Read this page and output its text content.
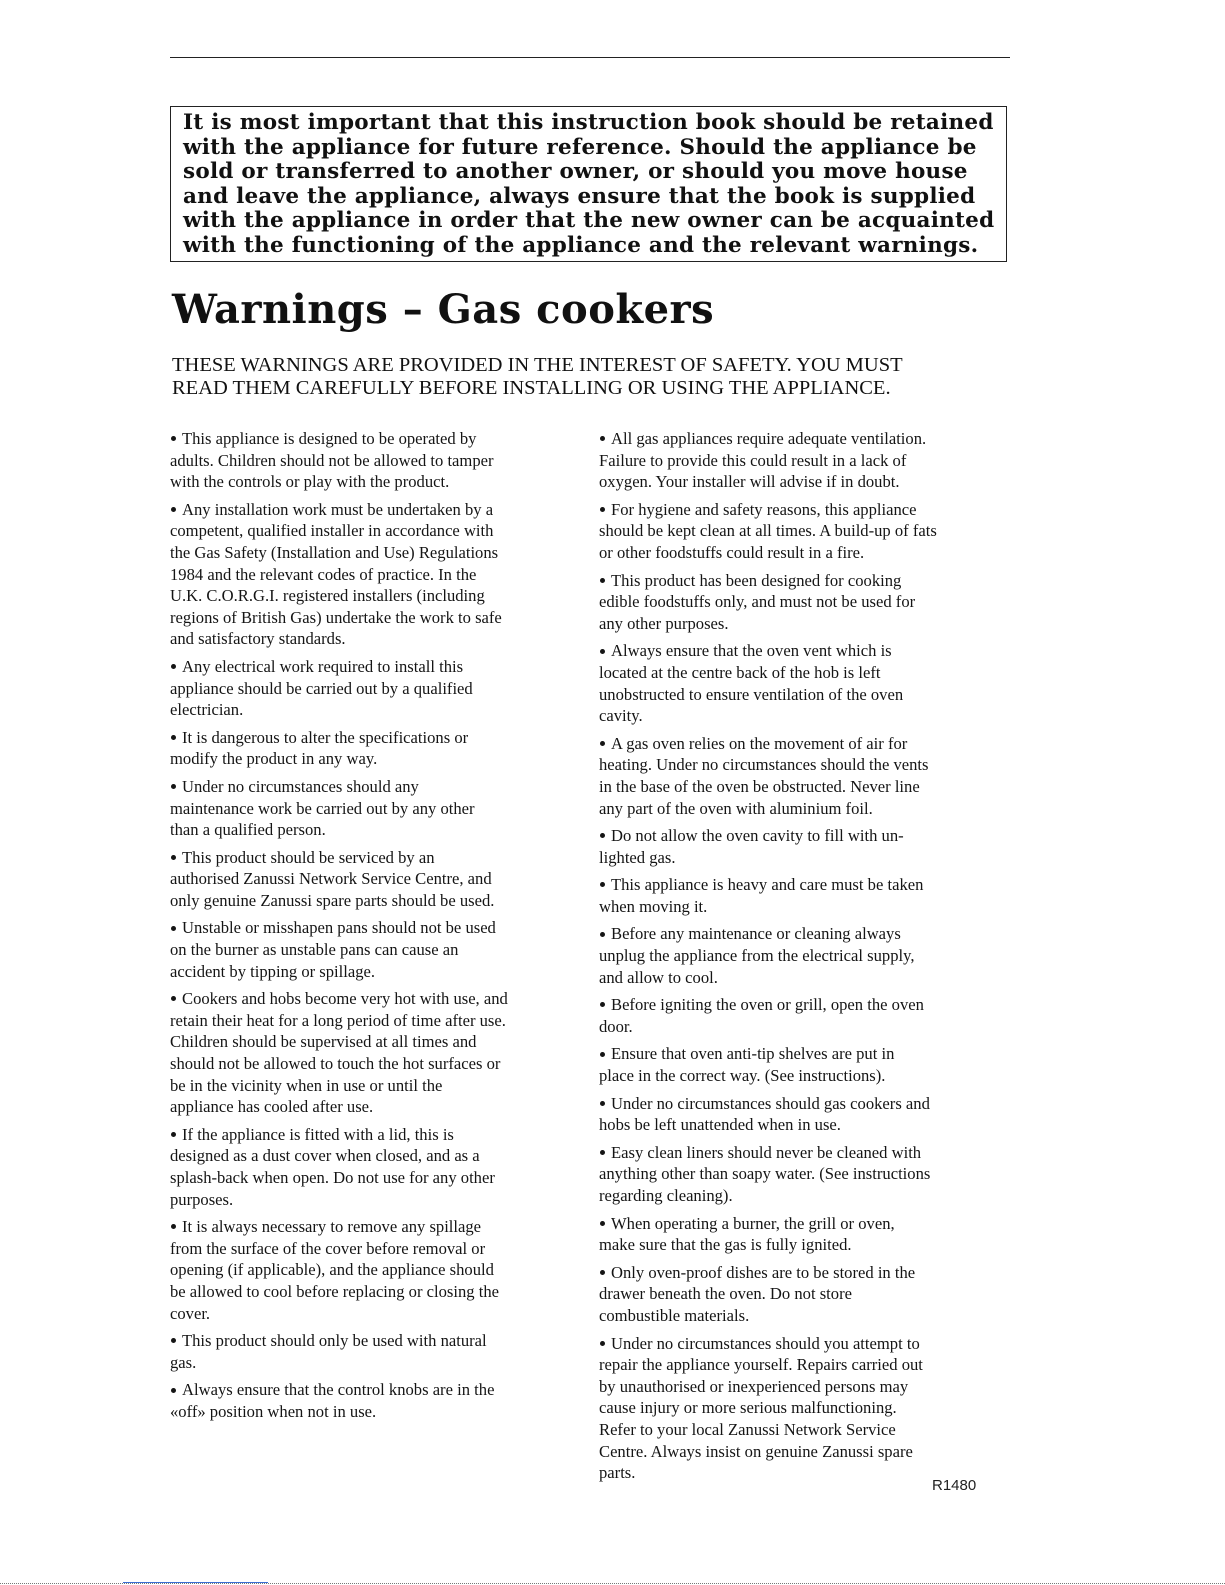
It is most important that this instruction book should be retained
with the appliance for future reference. Should the appliance be
sold or transferred to another owner, or should you move house
and leave the appliance, always ensure that the book is supplied
with the appliance in order that the new owner can be acquainted
with the functioning of the appliance and the relevant warnings.

Warnings – Gas cookers

THESE WARNINGS ARE PROVIDED IN THE INTEREST OF SAFETY. YOU MUST
READ THEM CAREFULLY BEFORE INSTALLING OR USING THE APPLIANCE.

This appliance is designed to be operated by
adults. Children should not be allowed to tamper
with the controls or play with the product.

Any installation work must be undertaken by a
competent, qualified installer in accordance with
the Gas Safety (Installation and Use) Regulations
1984 and the relevant codes of practice. In the
U.K. C.O.R.G.I. registered installers (including
regions of British Gas) undertake the work to safe
and satisfactory standards.

Any electrical work required to install this
appliance should be carried out by a qualified
electrician.

It is dangerous to alter the specifications or
modify the product in any way.

Under no circumstances should any
maintenance work be carried out by any other
than a qualified person.

This product should be serviced by an
authorised Zanussi Network Service Centre, and
only genuine Zanussi spare parts should be used.

Unstable or misshapen pans should not be used
on the burner as unstable pans can cause an
accident by tipping or spillage.

Cookers and hobs become very hot with use, and
retain their heat for a long period of time after use.
Children should be supervised at all times and
should not be allowed to touch the hot surfaces or
be in the vicinity when in use or until the
appliance has cooled after use.

If the appliance is fitted with a lid, this is
designed as a dust cover when closed, and as a
splash-back when open. Do not use for any other
purposes.

It is always necessary to remove any spillage
from the surface of the cover before removal or
opening (if applicable), and the appliance should
be allowed to cool before replacing or closing the
cover.

This product should only be used with natural
gas.

Always ensure that the control knobs are in the
«off» position when not in use.

All gas appliances require adequate ventilation.
Failure to provide this could result in a lack of
oxygen. Your installer will advise if in doubt.

For hygiene and safety reasons, this appliance
should be kept clean at all times. A build-up of fats
or other foodstuffs could result in a fire.

This product has been designed for cooking
edible foodstuffs only, and must not be used for
any other purposes.

Always ensure that the oven vent which is
located at the centre back of the hob is left
unobstructed to ensure ventilation of the oven
cavity.

A gas oven relies on the movement of air for
heating. Under no circumstances should the vents
in the base of the oven be obstructed. Never line
any part of the oven with aluminium foil.

Do not allow the oven cavity to fill with un-
lighted gas.

This appliance is heavy and care must be taken
when moving it.

Before any maintenance or cleaning always
unplug the appliance from the electrical supply,
and allow to cool.

Before igniting the oven or grill, open the oven
door.

Ensure that oven anti-tip shelves are put in
place in the correct way. (See instructions).

Under no circumstances should gas cookers and
hobs be left unattended when in use.

Easy clean liners should never be cleaned with
anything other than soapy water. (See instructions
regarding cleaning).

When operating a burner, the grill or oven,
make sure that the gas is fully ignited.

Only oven-proof dishes are to be stored in the
drawer beneath the oven. Do not store
combustible materials.

Under no circumstances should you attempt to
repair the appliance yourself. Repairs carried out
by unauthorised or inexperienced persons may
cause injury or more serious malfunctioning.
Refer to your local Zanussi Network Service
Centre. Always insist on genuine Zanussi spare
parts.

R1480
